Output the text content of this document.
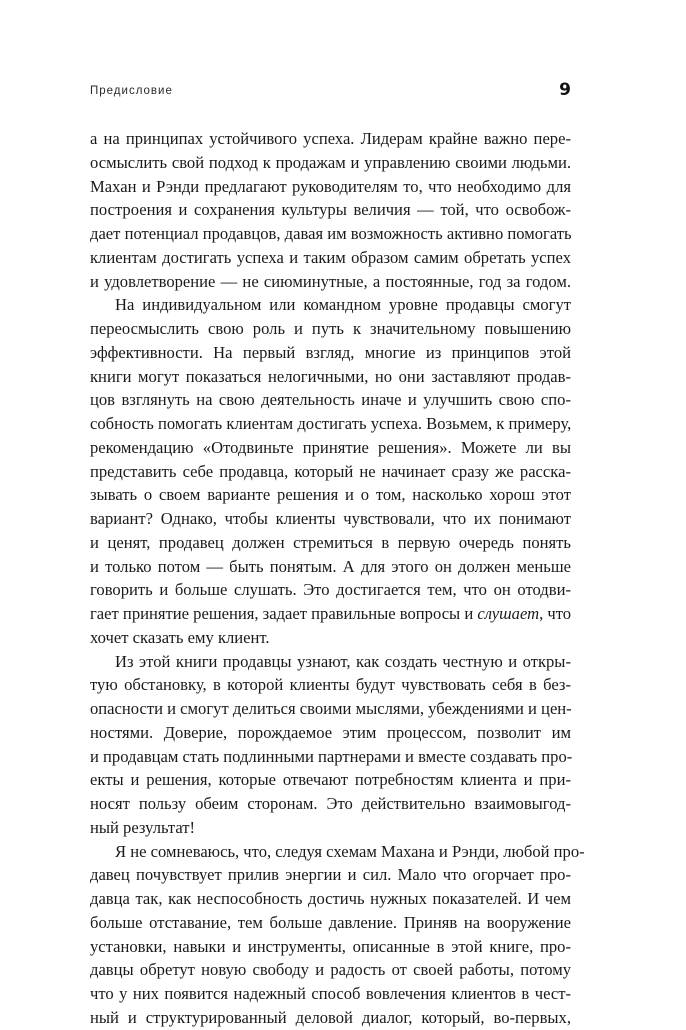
Предисловие	9

а на принципах устойчивого успеха. Лидерам крайне важно пере-
осмыслить свой подход к продажам и управлению своими людьми.
Махан и Рэнди предлагают руководителям то, что необходимо для
построения и сохранения культуры величия — той, что освобож-
дает потенциал продавцов, давая им возможность активно помогать
клиентам достигать успеха и таким образом самим обретать успех
и удовлетворение — не сиюминутные, а постоянные, год за годом.

На индивидуальном или командном уровне продавцы смогут
переосмыслить свою роль и путь к значительному повышению
эффективности. На первый взгляд, многие из принципов этой
книги могут показаться нелогичными, но они заставляют продав-
цов взглянуть на свою деятельность иначе и улучшить свою спо-
собность помогать клиентам достигать успеха. Возьмем, к примеру,
рекомендацию «Отодвиньте принятие решения». Можете ли вы
представить себе продавца, который не начинает сразу же расска-
зывать о своем варианте решения и о том, насколько хорош этот
вариант? Однако, чтобы клиенты чувствовали, что их понимают
и ценят, продавец должен стремиться в первую очередь понять
и только потом — быть понятым. А для этого он должен меньше
говорить и больше слушать. Это достигается тем, что он отодви-
гает принятие решения, задает правильные вопросы и слушает, что
хочет сказать ему клиент.

Из этой книги продавцы узнают, как создать честную и откры-
тую обстановку, в которой клиенты будут чувствовать себя в без-
опасности и смогут делиться своими мыслями, убеждениями и цен-
ностями. Доверие, порождаемое этим процессом, позволит им
и продавцам стать подлинными партнерами и вместе создавать про-
екты и решения, которые отвечают потребностям клиента и при-
носят пользу обеим сторонам. Это действительно взаимовыгод-
ный результат!

Я не сомневаюсь, что, следуя схемам Махана и Рэнди, любой про-
давец почувствует прилив энергии и сил. Мало что огорчает про-
давца так, как неспособность достичь нужных показателей. И чем
больше отставание, тем больше давление. Приняв на вооружение
установки, навыки и инструменты, описанные в этой книге, про-
давцы обретут новую свободу и радость от своей работы, потому
что у них появится надежный способ вовлечения клиентов в чест-
ный и структурированный деловой диалог, который, во-первых,
